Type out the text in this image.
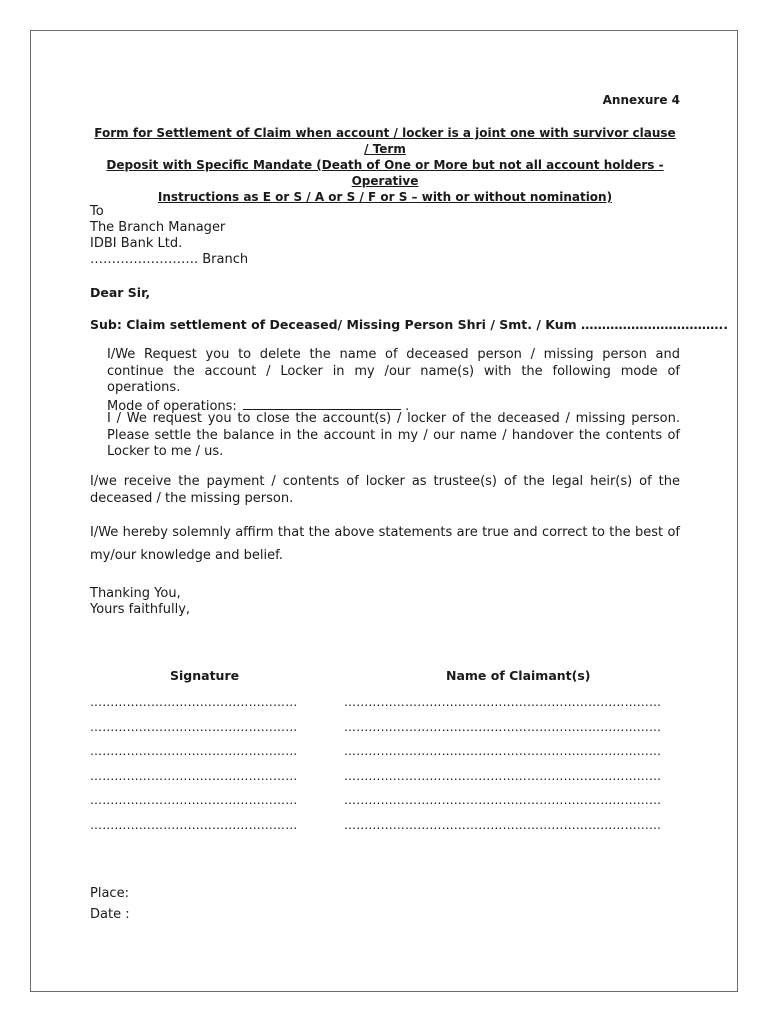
Annexure 4
Form for Settlement of Claim when account / locker is a joint one with survivor clause / Term
Deposit with Specific Mandate (Death of One or More but not all account holders - Operative
Instructions as E or S / A or S / F or S – with or without nomination)
To
The Branch Manager
IDBI Bank Ltd.
……………………. Branch
Dear Sir,
Sub: Claim settlement of Deceased/ Missing Person Shri / Smt. / Kum ……………………………..
I/We Request you to delete the name of deceased person / missing person and continue the account / Locker in my /our name(s) with the following mode of operations.
Mode of operations:	.
I / We request you to close the account(s) / locker of the deceased / missing person. Please settle the balance in the account in my / our name / handover the contents of Locker to me / us.
I/we receive the payment / contents of locker as trustee(s) of the legal heir(s) of the deceased / the missing person.
I/We hereby solemnly affirm that the above statements are true and correct to the best of my/our knowledge and belief.
Thanking You,
Yours faithfully,
Signature	Name of Claimant(s)
……………………………………………
……………………………………………
……………………………………………
……………………………………………
……………………………………………
……………………………………………
……………………………………………………………………
……………………………………………………………………
……………………………………………………………………
……………………………………………………………………
……………………………………………………………………
……………………………………………………………………
Place:
Date :
